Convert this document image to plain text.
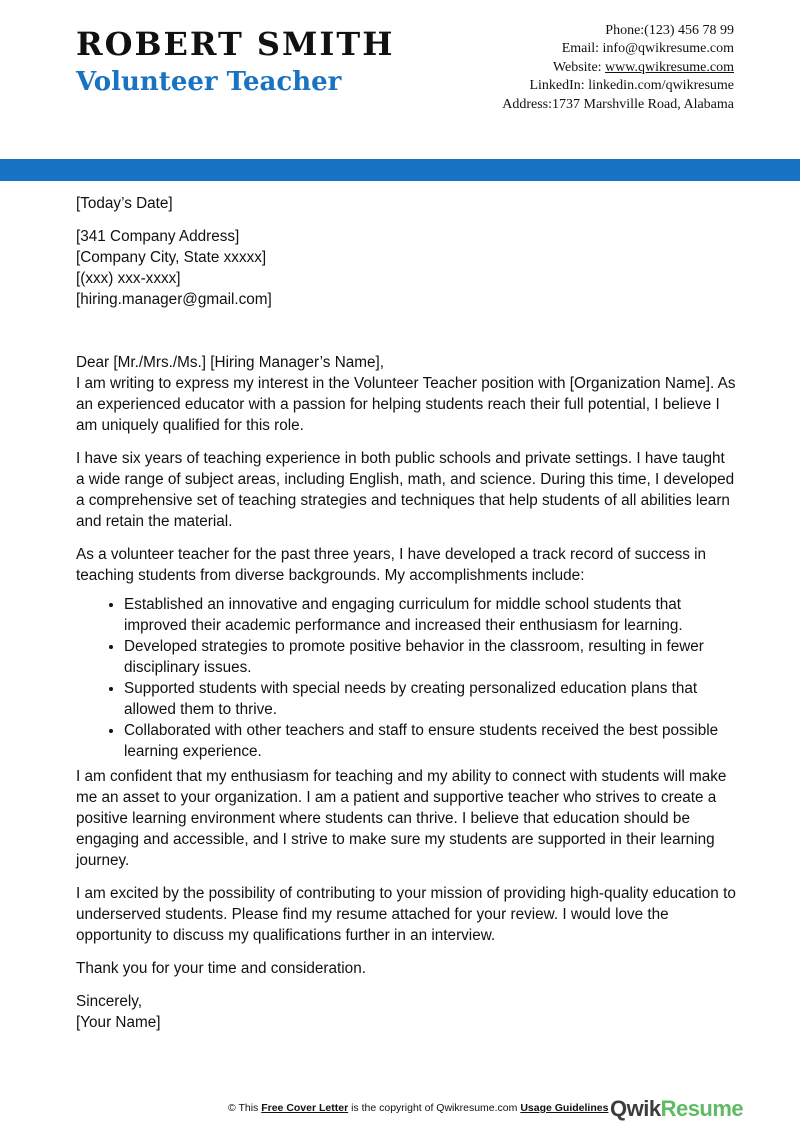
ROBERT SMITH
Volunteer Teacher
Phone:(123) 456 78 99
Email: info@qwikresume.com
Website: www.qwikresume.com
LinkedIn: linkedin.com/qwikresume
Address:1737 Marshville Road, Alabama

[Today’s Date]

[341 Company Address]

[Company City, State xxxxx]

[(xxx) xxx-xxxx]

[hiring.manager@gmail.com]

Dear [Mr./Mrs./Ms.] [Hiring Manager’s Name],

I am writing to express my interest in the Volunteer Teacher position with [Organization Name]. As an experienced educator with a passion for helping students reach their full potential, I believe I am uniquely qualified for this role.

I have six years of teaching experience in both public schools and private settings. I have taught a wide range of subject areas, including English, math, and science. During this time, I developed a comprehensive set of teaching strategies and techniques that help students of all abilities learn and retain the material.

As a volunteer teacher for the past three years, I have developed a track record of success in teaching students from diverse backgrounds. My accomplishments include:

• Established an innovative and engaging curriculum for middle school students that improved their academic performance and increased their enthusiasm for learning.
• Developed strategies to promote positive behavior in the classroom, resulting in fewer disciplinary issues.
• Supported students with special needs by creating personalized education plans that allowed them to thrive.
• Collaborated with other teachers and staff to ensure students received the best possible learning experience.

I am confident that my enthusiasm for teaching and my ability to connect with students will make me an asset to your organization. I am a patient and supportive teacher who strives to create a positive learning environment where students can thrive. I believe that education should be engaging and accessible, and I strive to make sure my students are supported in their learning journey.

I am excited by the possibility of contributing to your mission of providing high-quality education to underserved students. Please find my resume attached for your review. I would love the opportunity to discuss my qualifications further in an interview.

Thank you for your time and consideration.

Sincerely,

[Your Name]

© This Free Cover Letter is the copyright of Qwikresume.com Usage Guidelines QwikResume
